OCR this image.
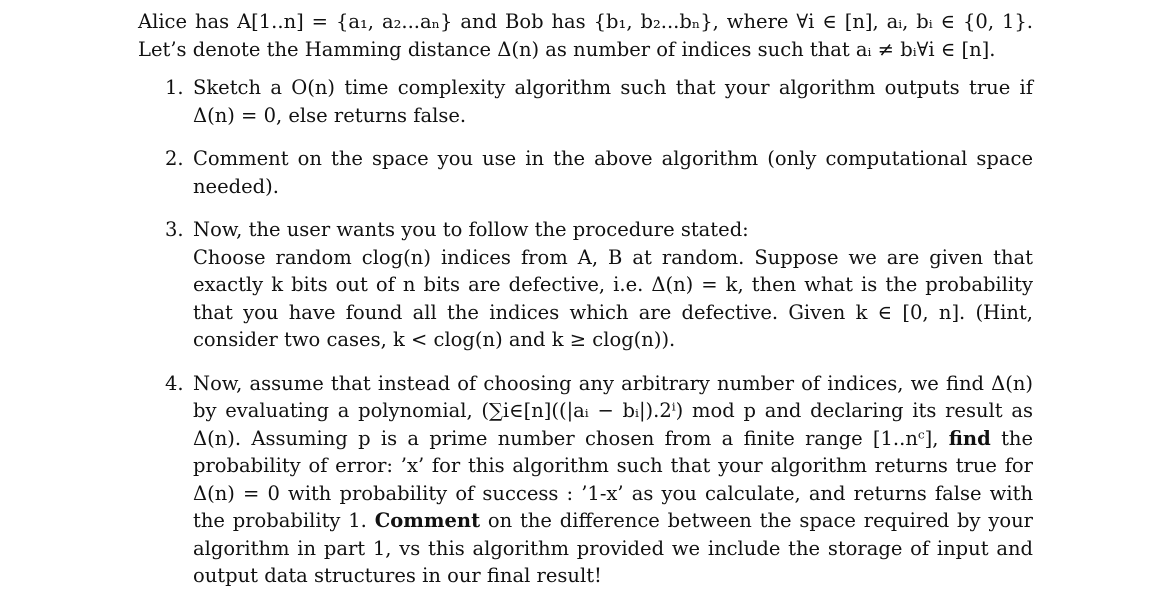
Alice has A[1..n] = {a₁, a₂...aₙ} and Bob has {b₁, b₂...bₙ}, where ∀i ∈ [n], aᵢ, bᵢ ∈ {0, 1}.

Let’s denote the Hamming distance Δ(n) as number of indices such that aᵢ ≠ bᵢ∀i ∈ [n].

1. Sketch a O(n) time complexity algorithm such that your algorithm outputs true if Δ(n) = 0, else returns false.

2. Comment on the space you use in the above algorithm (only computational space needed).

3. Now, the user wants you to follow the procedure stated:

Choose random clog(n) indices from A, B at random. Suppose we are given that exactly k bits out of n bits are defective, i.e. Δ(n) = k, then what is the probability that you have found all the indices which are defective. Given k ∈ [0, n]. (Hint, consider two cases, k < clog(n) and k ≥ clog(n)).

4. Now, assume that instead of choosing any arbitrary number of indices, we find Δ(n) by evaluating a polynomial, (∑i∈[n]((|aᵢ − bᵢ|).2ⁱ) mod p and declaring its result as Δ(n). Assuming p is a prime number chosen from a finite range [1..nᶜ], find the probability of error: ’x’ for this algorithm such that your algorithm returns true for Δ(n) = 0 with probability of success : ’1-x’ as you calculate, and returns false with the probability 1. Comment on the difference between the space required by your algorithm in part 1, vs this algorithm provided we include the storage of input and output data structures in our final result!
